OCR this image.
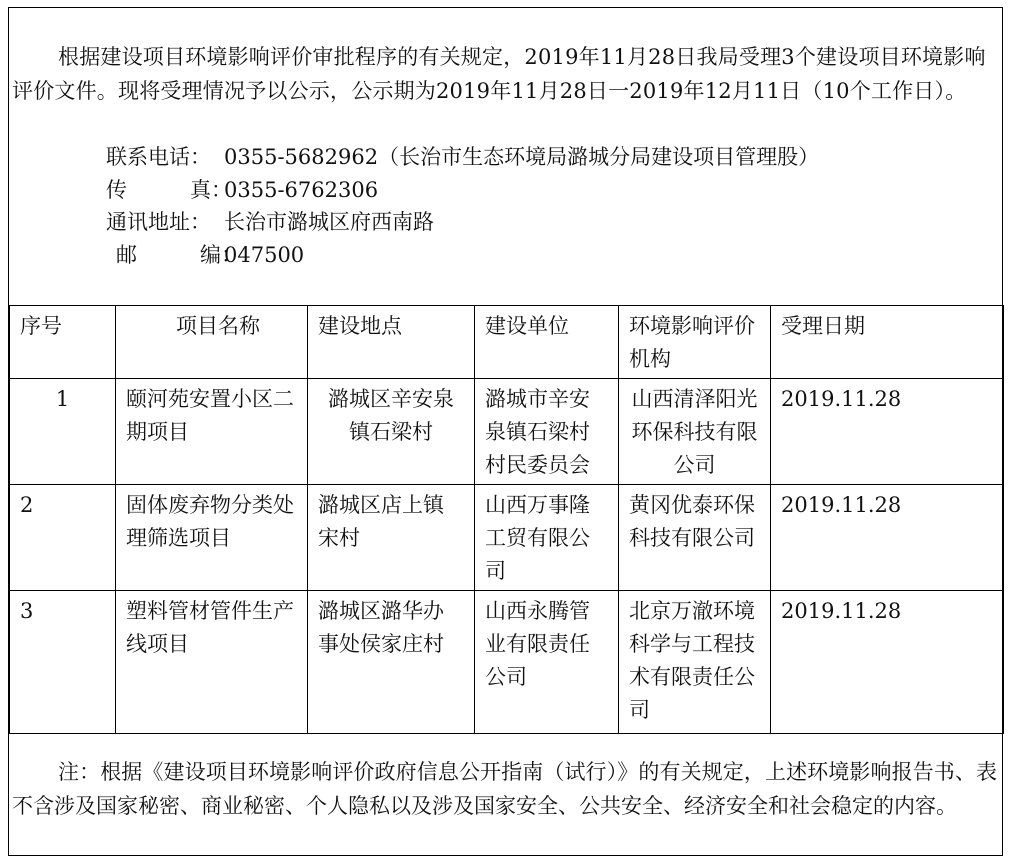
根据建设项目环境影响评价审批程序的有关规定，2019年11月28日我局受理3个建设项目环境影响评价文件。现将受理情况予以公示，公示期为2019年11月28日一2019年12月11日（10个工作日）。

联系电话： 0355-5682962（长治市生态环境局潞城分局建设项目管理股）
传　　　真：0355-6762306
通讯地址： 长治市潞城区府西南路
邮　　　编：047500
序号	项目名称	建设地点	建设单位	环境影响评价机构	受理日期
1	颐河苑安置小区二期项目	潞城区辛安泉镇石梁村	潞城市辛安泉镇石梁村村民委员会	山西清泽阳光环保科技有限公司	2019.11.28
2	固体废弃物分类处理筛选项目	潞城区店上镇宋村	山西万事隆工贸有限公司	黄冈优泰环保科技有限公司	2019.11.28
3	塑料管材管件生产线项目	潞城区潞华办事处侯家庄村	山西永腾管业有限责任公司	北京万澈环境科学与工程技术有限责任公司	2019.11.28

注：根据《建设项目环境影响评价政府信息公开指南（试行）》的有关规定，上述环境影响报告书、表不含涉及国家秘密、商业秘密、个人隐私以及涉及国家安全、公共安全、经济安全和社会稳定的内容。
